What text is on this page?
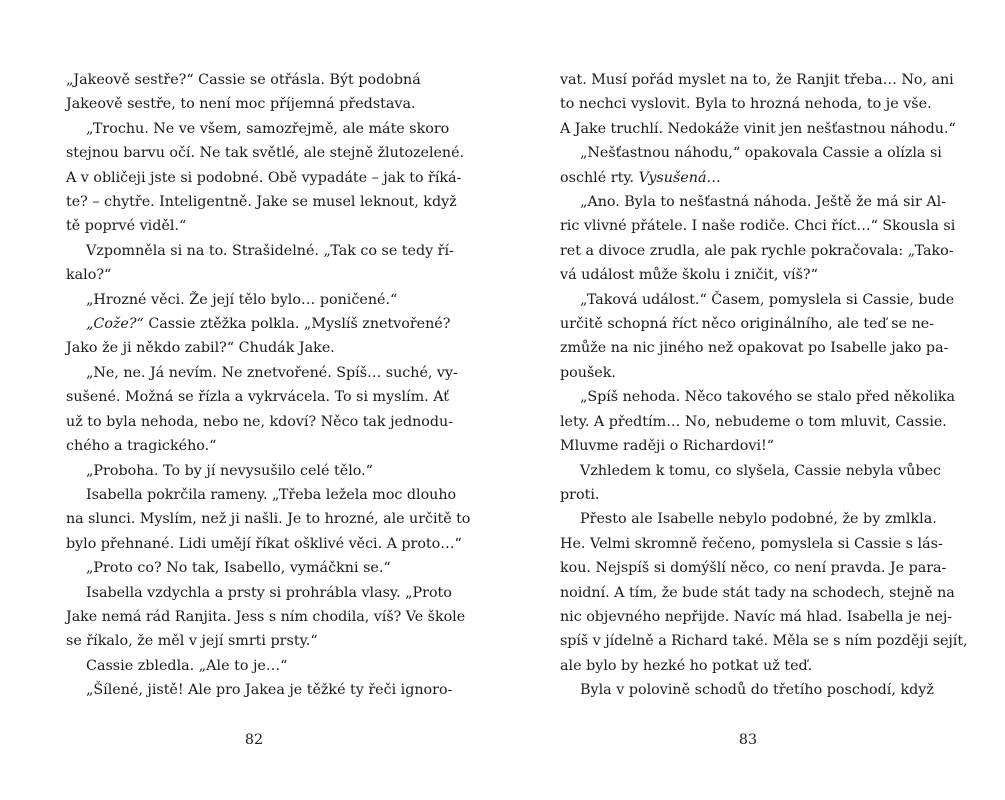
„Jakeově sestře?“ Cassie se otřásla. Být podobná
Jakeově sestře, to není moc příjemná představa.
„Trochu. Ne ve všem, samozřejmě, ale máte skoro
stejnou barvu očí. Ne tak světlé, ale stejně žlutozelené.
A v obličeji jste si podobné. Obě vypadáte – jak to říká-
te? – chytře. Inteligentně. Jake se musel leknout, když
tě poprvé viděl.“
Vzpomněla si na to. Strašidelné. „Tak co se tedy ří-
kalo?“
„Hrozné věci. Že její tělo bylo… poničené.“
„Cože?“ Cassie ztěžka polkla. „Myslíš znetvořené?
Jako že ji někdo zabil?“ Chudák Jake.
„Ne, ne. Já nevím. Ne znetvořené. Spíš… suché, vy-
sušené. Možná se řízla a vykrvácela. To si myslím. Ať
už to byla nehoda, nebo ne, kdoví? Něco tak jednodu-
chého a tragického.“
„Proboha. To by jí nevysušilo celé tělo.“
Isabella pokrčila rameny. „Třeba ležela moc dlouho
na slunci. Myslím, než ji našli. Je to hrozné, ale určitě to
bylo přehnané. Lidi umějí říkat ošklivé věci. A proto…“
„Proto co? No tak, Isabello, vymáčkni se.“
Isabella vzdychla a prsty si prohrábla vlasy. „Proto
Jake nemá rád Ranjita. Jess s ním chodila, víš? Ve škole
se říkalo, že měl v její smrti prsty.“
Cassie zbledla. „Ale to je…“
„Šílené, jistě! Ale pro Jakea je těžké ty řeči ignoro-
82
vat. Musí pořád myslet na to, že Ranjit třeba… No, ani
to nechci vyslovit. Byla to hrozná nehoda, to je vše.
A Jake truchlí. Nedokáže vinit jen nešťastnou náhodu.“
„Nešťastnou náhodu,“ opakovala Cassie a olízla si
oschlé rty. Vysušená…
„Ano. Byla to nešťastná náhoda. Ještě že má sir Al-
ric vlivné přátele. I naše rodiče. Chci říct…“ Skousla si
ret a divoce zrudla, ale pak rychle pokračovala: „Tako-
vá událost může školu i zničit, víš?“
„Taková událost.“ Časem, pomyslela si Cassie, bude
určitě schopná říct něco originálního, ale teď se ne-
zmůže na nic jiného než opakovat po Isabelle jako pa-
poušek.
„Spíš nehoda. Něco takového se stalo před několika
lety. A předtím… No, nebudeme o tom mluvit, Cassie.
Mluvme raději o Richardovi!“
Vzhledem k tomu, co slyšela, Cassie nebyla vůbec
proti.
Přesto ale Isabelle nebylo podobné, že by zmlkla.
He. Velmi skromně řečeno, pomyslela si Cassie s lás-
kou. Nejspíš si domýšlí něco, co není pravda. Je para-
noidní. A tím, že bude stát tady na schodech, stejně na
nic objevného nepřijde. Navíc má hlad. Isabella je nej-
spíš v jídelně a Richard také. Měla se s ním později sejít,
ale bylo by hezké ho potkat už teď.
Byla v polovině schodů do třetího poschodí, když
83
